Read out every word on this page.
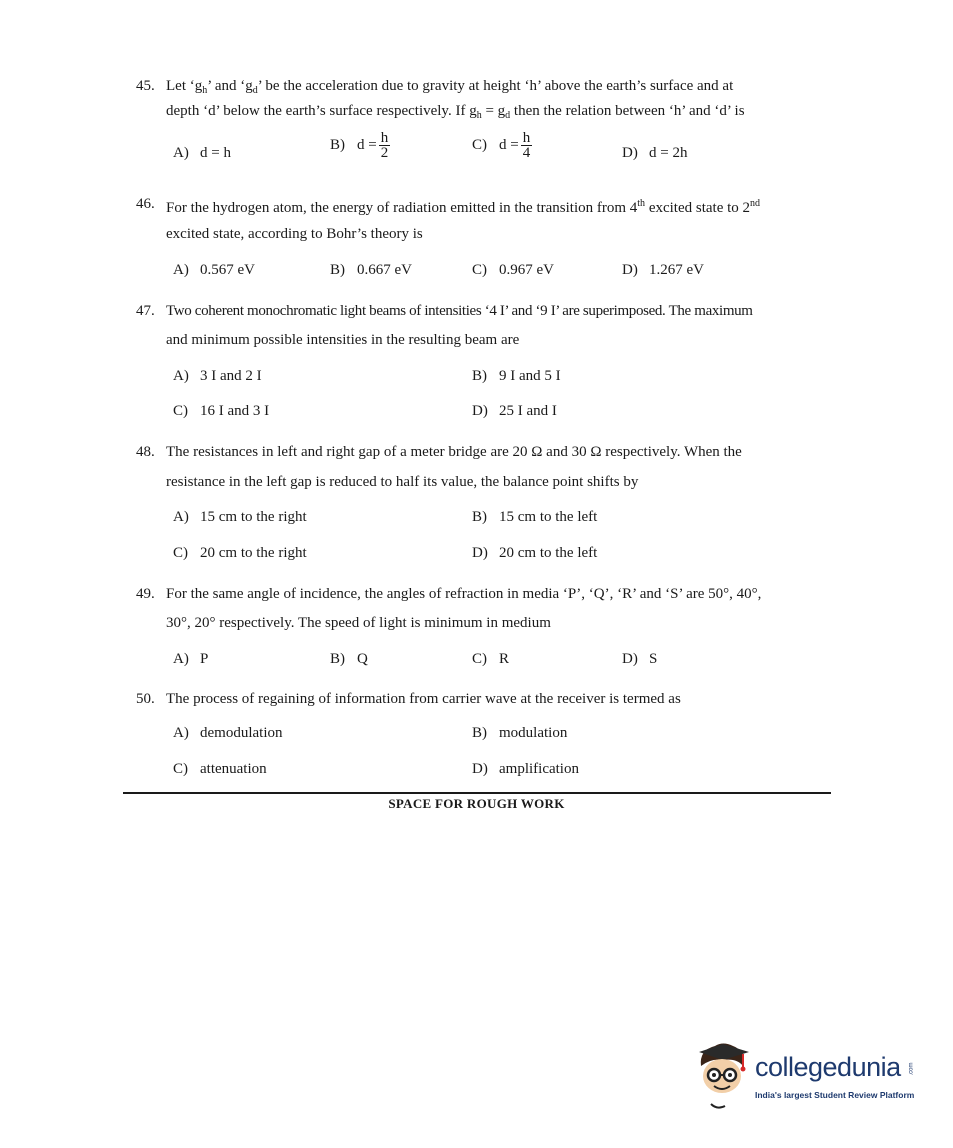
45. Let ‘$g_h$’ and ‘$g_d$’ be the acceleration due to gravity at height ‘h’ above the earth’s surface and at
depth ‘d’ below the earth’s surface respectively. If $g_h = g_d$ then the relation between ‘h’ and ‘d’ is
A) d = h
B) $d = \frac{h}{2}$	C) $d = \frac{h}{4}$	D) d = 2h
46. For the hydrogen atom, the energy of radiation emitted in the transition from 4th excited state to 2nd
excited state, according to Bohr’s theory is
A) 0.567 eV	B) 0.667 eV	C) 0.967 eV	D) 1.267 eV
47. Two coherent monochromatic light beams of intensities ‘4 I’ and ‘9 I’ are superimposed. The maximum
and minimum possible intensities in the resulting beam are
A) 3 I and 2 I	B) 9 I and 5 I
C) 16 I and 3 I	D) 25 I and I
48. The resistances in left and right gap of a meter bridge are 20 Ω and 30 Ω respectively. When the
resistance in the left gap is reduced to half its value, the balance point shifts by
A) 15 cm to the right	B) 15 cm to the left
C) 20 cm to the right	D) 20 cm to the left
49. For the same angle of incidence, the angles of refraction in media ‘P’, ‘Q’, ‘R’ and ‘S’ are 50°, 40°,
30°, 20° respectively. The speed of light is minimum in medium
A) P	B) Q	C) R	D) S
50. The process of regaining of information from carrier wave at the receiver is termed as
A) demodulation	B) modulation
C) attenuation	D) amplification
SPACE FOR ROUGH WORK
collegedunia .com
India's largest Student Review Platform
